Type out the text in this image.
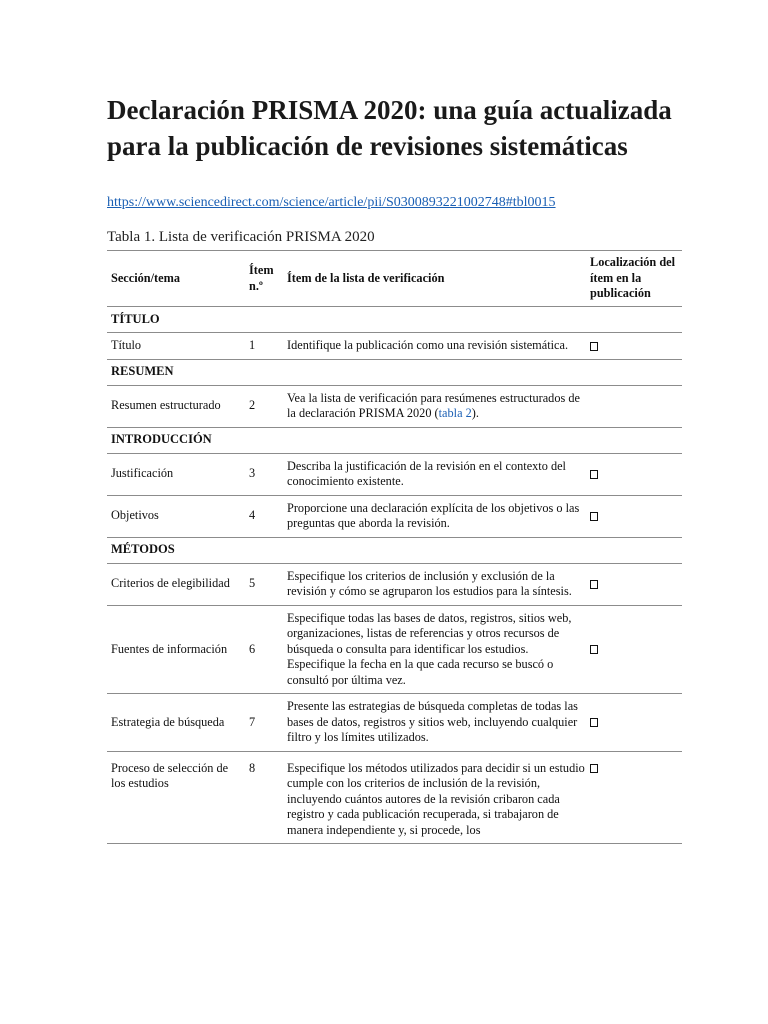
Declaración PRISMA 2020: una guía actualizada para la publicación de revisiones sistemáticas
https://www.sciencedirect.com/science/article/pii/S0300893221002748#tbl0015
Tabla 1. Lista de verificación PRISMA 2020
Sección/tema	Ítem n.º	Ítem de la lista de verificación	Localización del ítem en la publicación
TÍTULO			
Título	1	Identifique la publicación como una revisión sistemática.	
RESUMEN			
Resumen estructurado	2	Vea la lista de verificación para resúmenes estructurados de la declaración PRISMA 2020 (tabla 2).	
INTRODUCCIÓN			
Justificación	3	Describa la justificación de la revisión en el contexto del conocimiento existente.	
Objetivos	4	Proporcione una declaración explícita de los objetivos o las preguntas que aborda la revisión.	
MÉTODOS			
Criterios de elegibilidad	5	Especifique los criterios de inclusión y exclusión de la revisión y cómo se agruparon los estudios para la síntesis.	
Fuentes de información	6	Especifique todas las bases de datos, registros, sitios web, organizaciones, listas de referencias y otros recursos de búsqueda o consulta para identificar los estudios. Especifique la fecha en la que cada recurso se buscó o consultó por última vez.	
Estrategia de búsqueda	7	Presente las estrategias de búsqueda completas de todas las bases de datos, registros y sitios web, incluyendo cualquier filtro y los límites utilizados.	
Proceso de selección de los estudios	8	Especifique los métodos utilizados para decidir si un estudio cumple con los criterios de inclusión de la revisión, incluyendo cuántos autores de la revisión cribaron cada registro y cada publicación recuperada, si trabajaron de manera independiente y, si procede, los	
